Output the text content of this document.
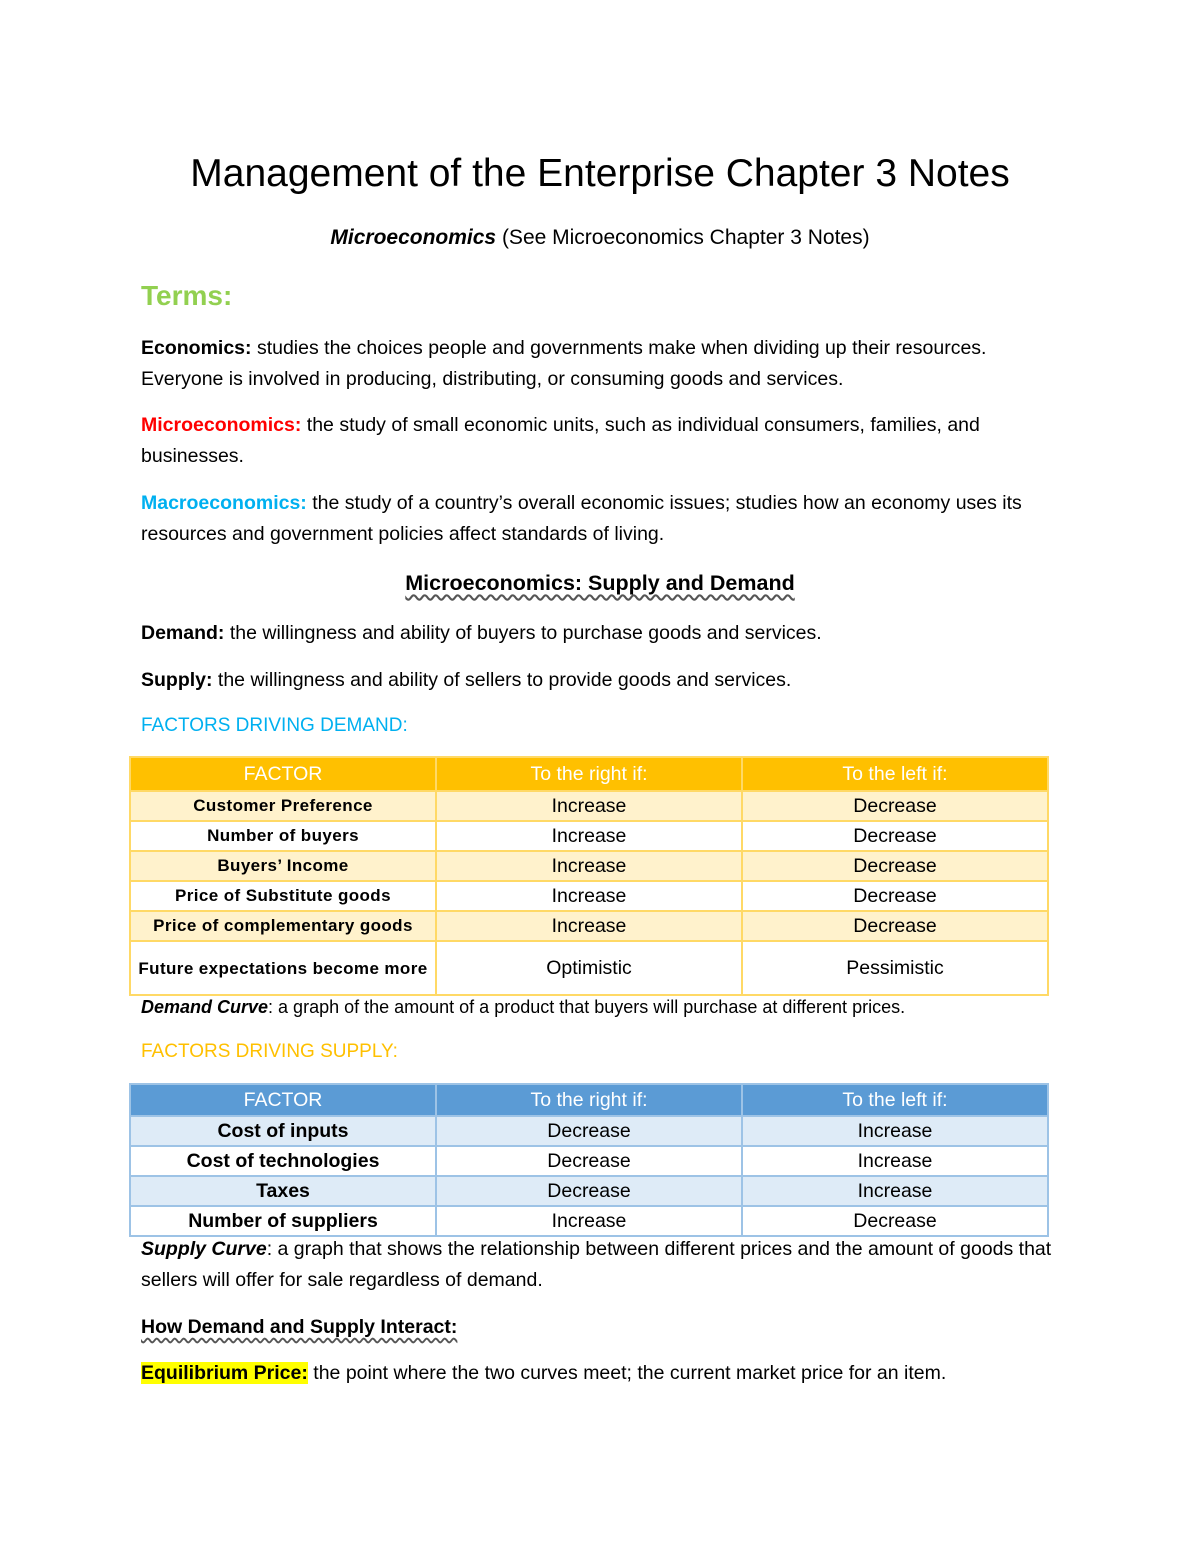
Management of the Enterprise Chapter 3 Notes
Microeconomics (See Microeconomics Chapter 3 Notes)
Terms:
Economics: studies the choices people and governments make when dividing up their resources. Everyone is involved in producing, distributing, or consuming goods and services.
Microeconomics: the study of small economic units, such as individual consumers, families, and businesses.
Macroeconomics: the study of a country’s overall economic issues; studies how an economy uses its resources and government policies affect standards of living.
Microeconomics: Supply and Demand
Demand: the willingness and ability of buyers to purchase goods and services.
Supply: the willingness and ability of sellers to provide goods and services.
FACTORS DRIVING DEMAND:
FACTOR	To the right if:	To the left if:
Customer Preference	Increase	Decrease
Number of buyers	Increase	Decrease
Buyers’ Income	Increase	Decrease
Price of Substitute goods	Increase	Decrease
Price of complementary goods	Increase	Decrease
Future expectations become more	Optimistic	Pessimistic
Demand Curve: a graph of the amount of a product that buyers will purchase at different prices.
FACTORS DRIVING SUPPLY:
FACTOR	To the right if:	To the left if:
Cost of inputs	Decrease	Increase
Cost of technologies	Decrease	Increase
Taxes	Decrease	Increase
Number of suppliers	Increase	Decrease
Supply Curve: a graph that shows the relationship between different prices and the amount of goods that sellers will offer for sale regardless of demand.
How Demand and Supply Interact:
Equilibrium Price: the point where the two curves meet; the current market price for an item.
